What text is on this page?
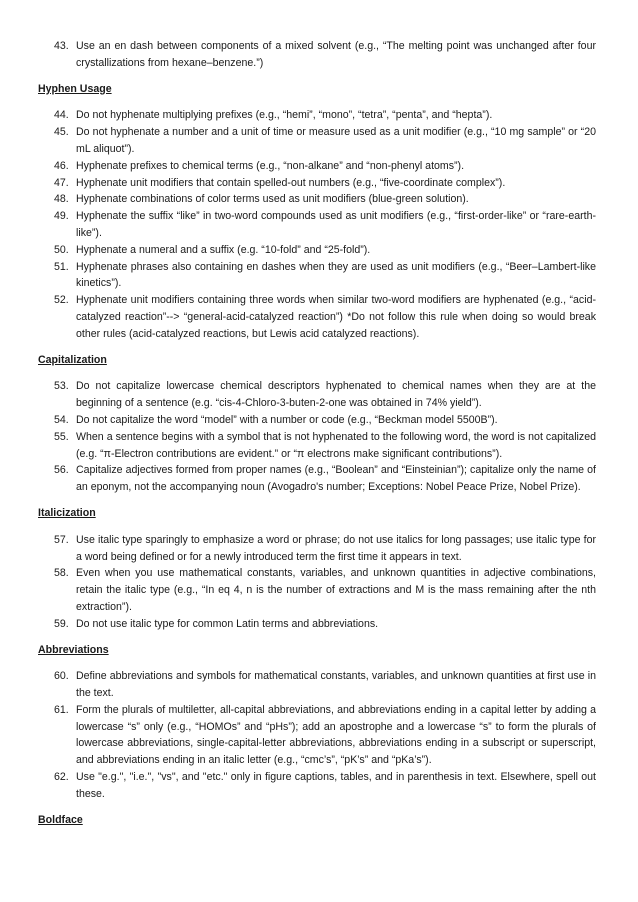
43. Use an en dash between components of a mixed solvent (e.g., “The melting point was unchanged after four crystallizations from hexane–benzene.”)
Hyphen Usage
44. Do not hyphenate multiplying prefixes (e.g., “hemi”, “mono”, “tetra”, “penta”, and “hepta”).
45. Do not hyphenate a number and a unit of time or measure used as a unit modifier (e.g., “10 mg sample” or “20 mL aliquot”).
46. Hyphenate prefixes to chemical terms (e.g., “non-alkane” and “non-phenyl atoms”).
47. Hyphenate unit modifiers that contain spelled-out numbers (e.g., “five-coordinate complex”).
48. Hyphenate combinations of color terms used as unit modifiers (blue-green solution).
49. Hyphenate the suffix “like” in two-word compounds used as unit modifiers (e.g., “first-order-like” or “rare-earth-like”).
50. Hyphenate a numeral and a suffix (e.g. “10-fold” and “25-fold”).
51. Hyphenate phrases also containing en dashes when they are used as unit modifiers (e.g., “Beer–Lambert-like kinetics”).
52. Hyphenate unit modifiers containing three words when similar two-word modifiers are hyphenated (e.g., “acid-catalyzed reaction”--> “general-acid-catalyzed reaction”) *Do not follow this rule when doing so would break other rules (acid-catalyzed reactions, but Lewis acid catalyzed reactions).
Capitalization
53. Do not capitalize lowercase chemical descriptors hyphenated to chemical names when they are at the beginning of a sentence (e.g. “cis-4-Chloro-3-buten-2-one was obtained in 74% yield”).
54. Do not capitalize the word “model” with a number or code (e.g., “Beckman model 5500B”).
55. When a sentence begins with a symbol that is not hyphenated to the following word, the word is not capitalized (e.g. “π-Electron contributions are evident.” or “π electrons make significant contributions”).
56. Capitalize adjectives formed from proper names (e.g., “Boolean” and “Einsteinian”); capitalize only the name of an eponym, not the accompanying noun (Avogadro's number; Exceptions: Nobel Peace Prize, Nobel Prize).
Italicization
57. Use italic type sparingly to emphasize a word or phrase; do not use italics for long passages; use italic type for a word being defined or for a newly introduced term the first time it appears in text.
58. Even when you use mathematical constants, variables, and unknown quantities in adjective combinations, retain the italic type (e.g., “In eq 4, n is the number of extractions and M is the mass remaining after the nth extraction”).
59. Do not use italic type for common Latin terms and abbreviations.
Abbreviations
60. Define abbreviations and symbols for mathematical constants, variables, and unknown quantities at first use in the text.
61. Form the plurals of multiletter, all-capital abbreviations, and abbreviations ending in a capital letter by adding a lowercase “s” only (e.g., “HOMOs” and “pHs”); add an apostrophe and a lowercase “s” to form the plurals of lowercase abbreviations, single-capital-letter abbreviations, abbreviations ending in a subscript or superscript, and abbreviations ending in an italic letter (e.g., “cmc’s”, “pK’s” and “pKa’s”).
62. Use "e.g.", "i.e.", "vs", and "etc." only in figure captions, tables, and in parenthesis in text. Elsewhere, spell out these.
Boldface
